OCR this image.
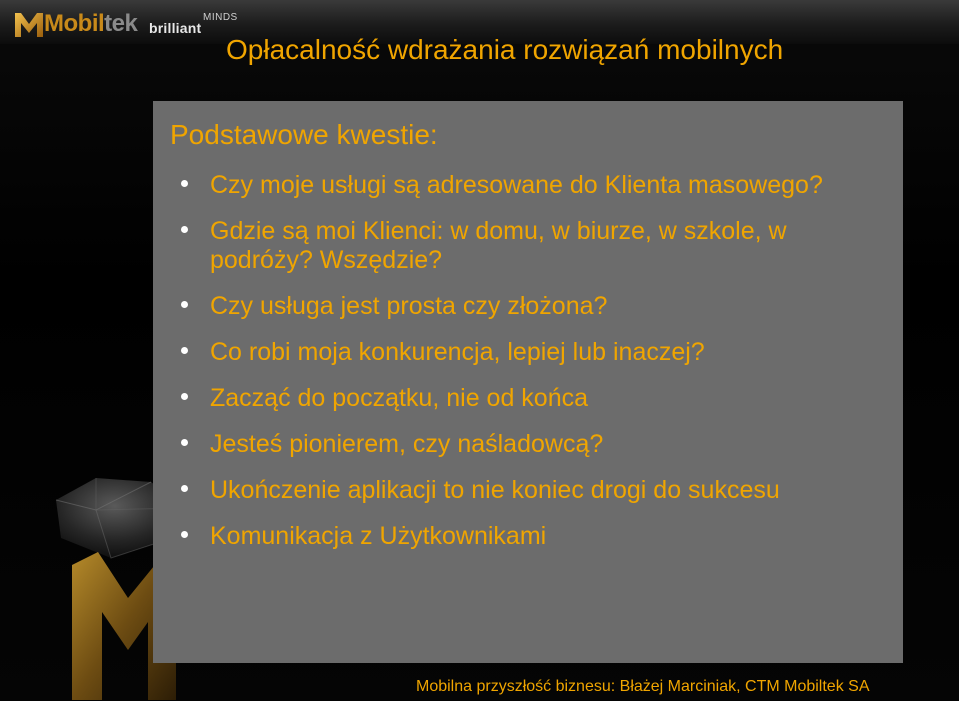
Mobiltek	MINDS
brilliant
Opłacalność wdrażania rozwiązań mobilnych
Podstawowe kwestie:
Czy moje usługi są adresowane do Klienta masowego?
Gdzie są moi Klienci: w domu, w biurze, w szkole, w podróży? Wszędzie?
Czy usługa jest prosta czy złożona?
Co robi moja konkurencja, lepiej lub inaczej?
Zacząć do początku, nie od końca
Jesteś pionierem, czy naśladowcą?
Ukończenie aplikacji to nie koniec drogi do sukcesu
Komunikacja z Użytkownikami
Mobilna przyszłość biznesu: Błażej Marciniak, CTM Mobiltek SA
